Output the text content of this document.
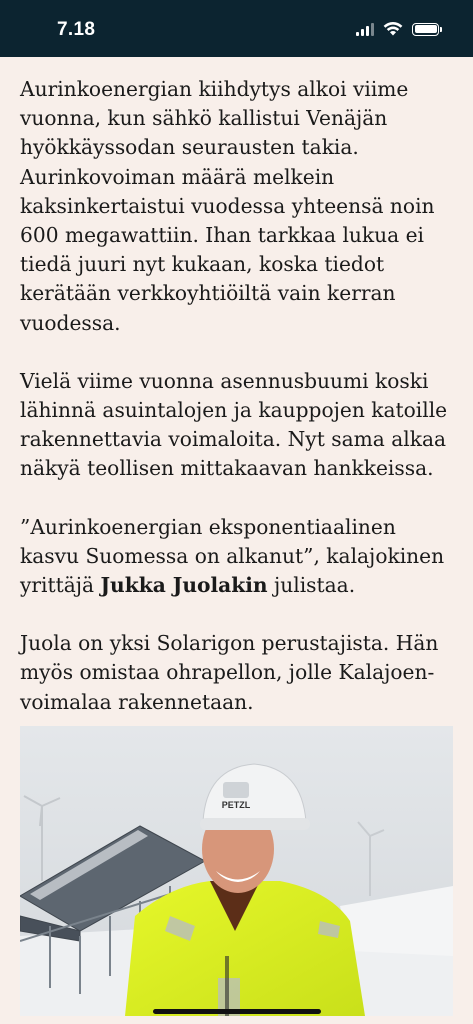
7.18

Aurinkoenergian kiihdytys alkoi viime vuonna, kun sähkö kallistui Venäjän hyökkäyssodan seurausten takia. Aurinkovoiman määrä melkein kaksinkertaistui vuodessa yhteensä noin 600 megawattiin. Ihan tarkkaa lukua ei tiedä juuri nyt kukaan, koska tiedot kerätään verkkoyhtiöiltä vain kerran vuodessa.

Vielä viime vuonna asennusbuumi koski lähinnä asuintalojen ja kauppojen katoille rakennettavia voimaloita. Nyt sama alkaa näkyä teollisen mittakaavan hankkeissa.

”Aurinkoenergian eksponentiaalinen kasvu Suomessa on alkanut”, kalajokinen yrittäjä Jukka Juolakin julistaa.

Juola on yksi Solarigon perustajista. Hän myös omistaa ohrapellon, jolle Kalajoenvoimalaa rakennetaan.

PETZL
